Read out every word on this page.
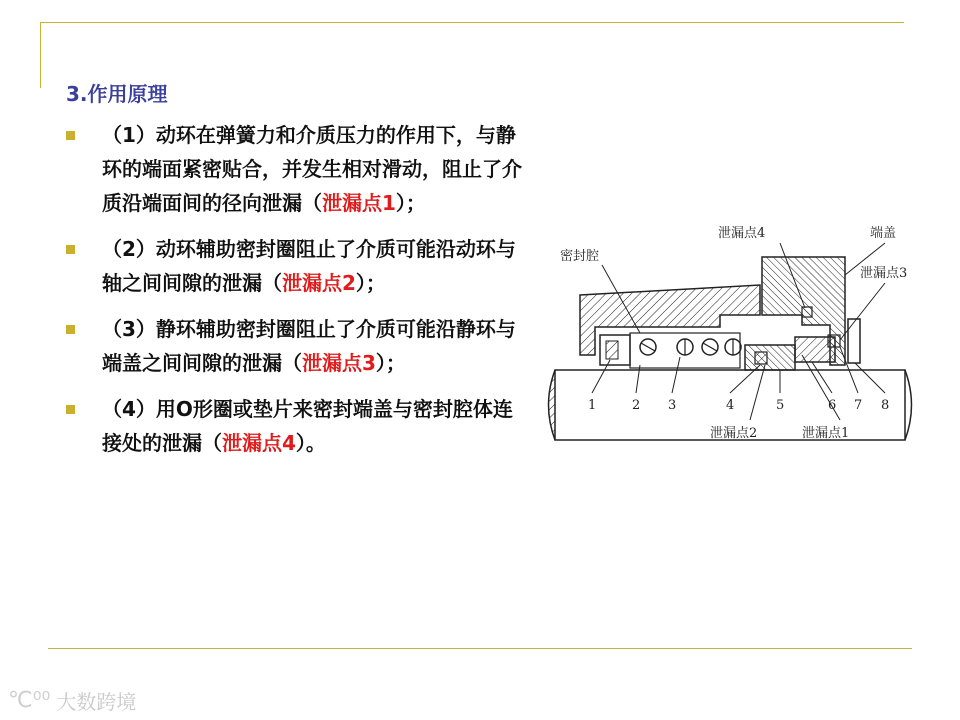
3.作用原理
（1）动环在弹簧力和介质压力的作用下，与静环的端面紧密贴合，并发生相对滑动，阻止了介质沿端面间的径向泄漏（泄漏点1）；
（2）动环辅助密封圈阻止了介质可能沿动环与轴之间间隙的泄漏（泄漏点2）；
（3）静环辅助密封圈阻止了介质可能沿静环与端盖之间间隙的泄漏（泄漏点3）；
（4）用O形圈或垫片来密封端盖与密封腔体连接处的泄漏（泄漏点4）。
密封腔
泄漏点4	端盖
泄漏点3
泄漏点2	泄漏点1
1	2 3	4	5	6 7 8
℃⁰⁰ 大数跨境
